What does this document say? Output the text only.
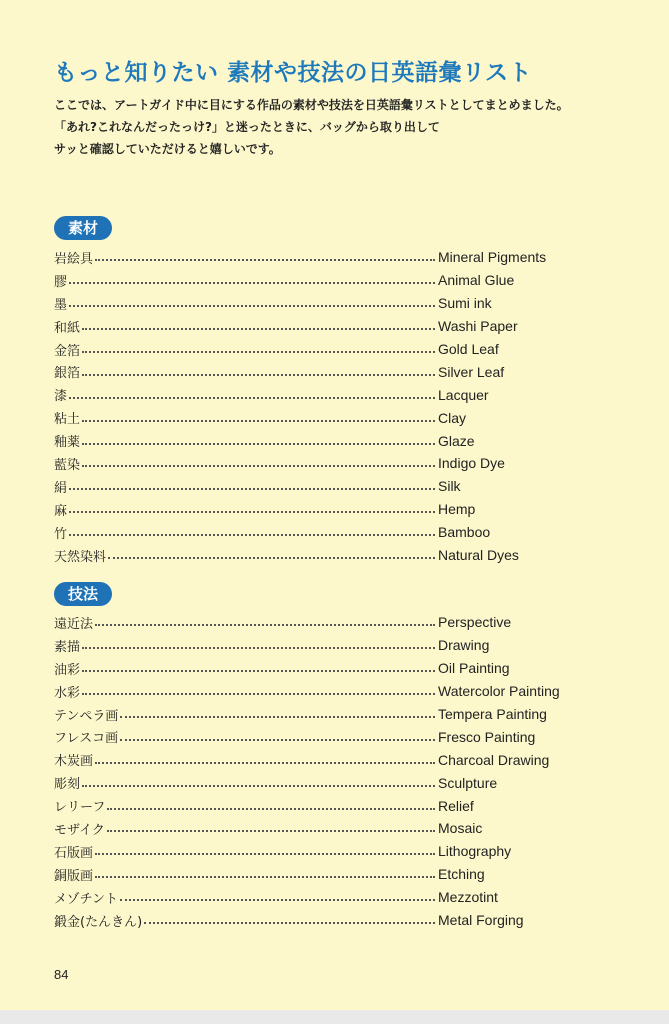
もっと知りたい 素材や技法の日英語彙リスト
ここでは、アートガイド中に目にする作品の素材や技法を日英語彙リストとしてまとめました。
「あれ?これなんだったっけ?」と迷ったときに、バッグから取り出して
サッと確認していただけると嬉しいです。
素材
岩絵具	Mineral Pigments
膠	Animal Glue
墨	Sumi ink
和紙	Washi Paper
金箔	Gold Leaf
銀箔	Silver Leaf
漆	Lacquer
粘土	Clay
釉薬	Glaze
藍染	Indigo Dye
絹	Silk
麻	Hemp
竹	Bamboo
天然染料	Natural Dyes
技法
遠近法	Perspective
素描	Drawing
油彩	Oil Painting
水彩	Watercolor Painting
テンペラ画	Tempera Painting
フレスコ画	Fresco Painting
木炭画	Charcoal Drawing
彫刻	Sculpture
レリーフ	Relief
モザイク	Mosaic
石版画	Lithography
銅版画	Etching
メゾチント	Mezzotint
鍛金(たんきん)	Metal Forging
84
